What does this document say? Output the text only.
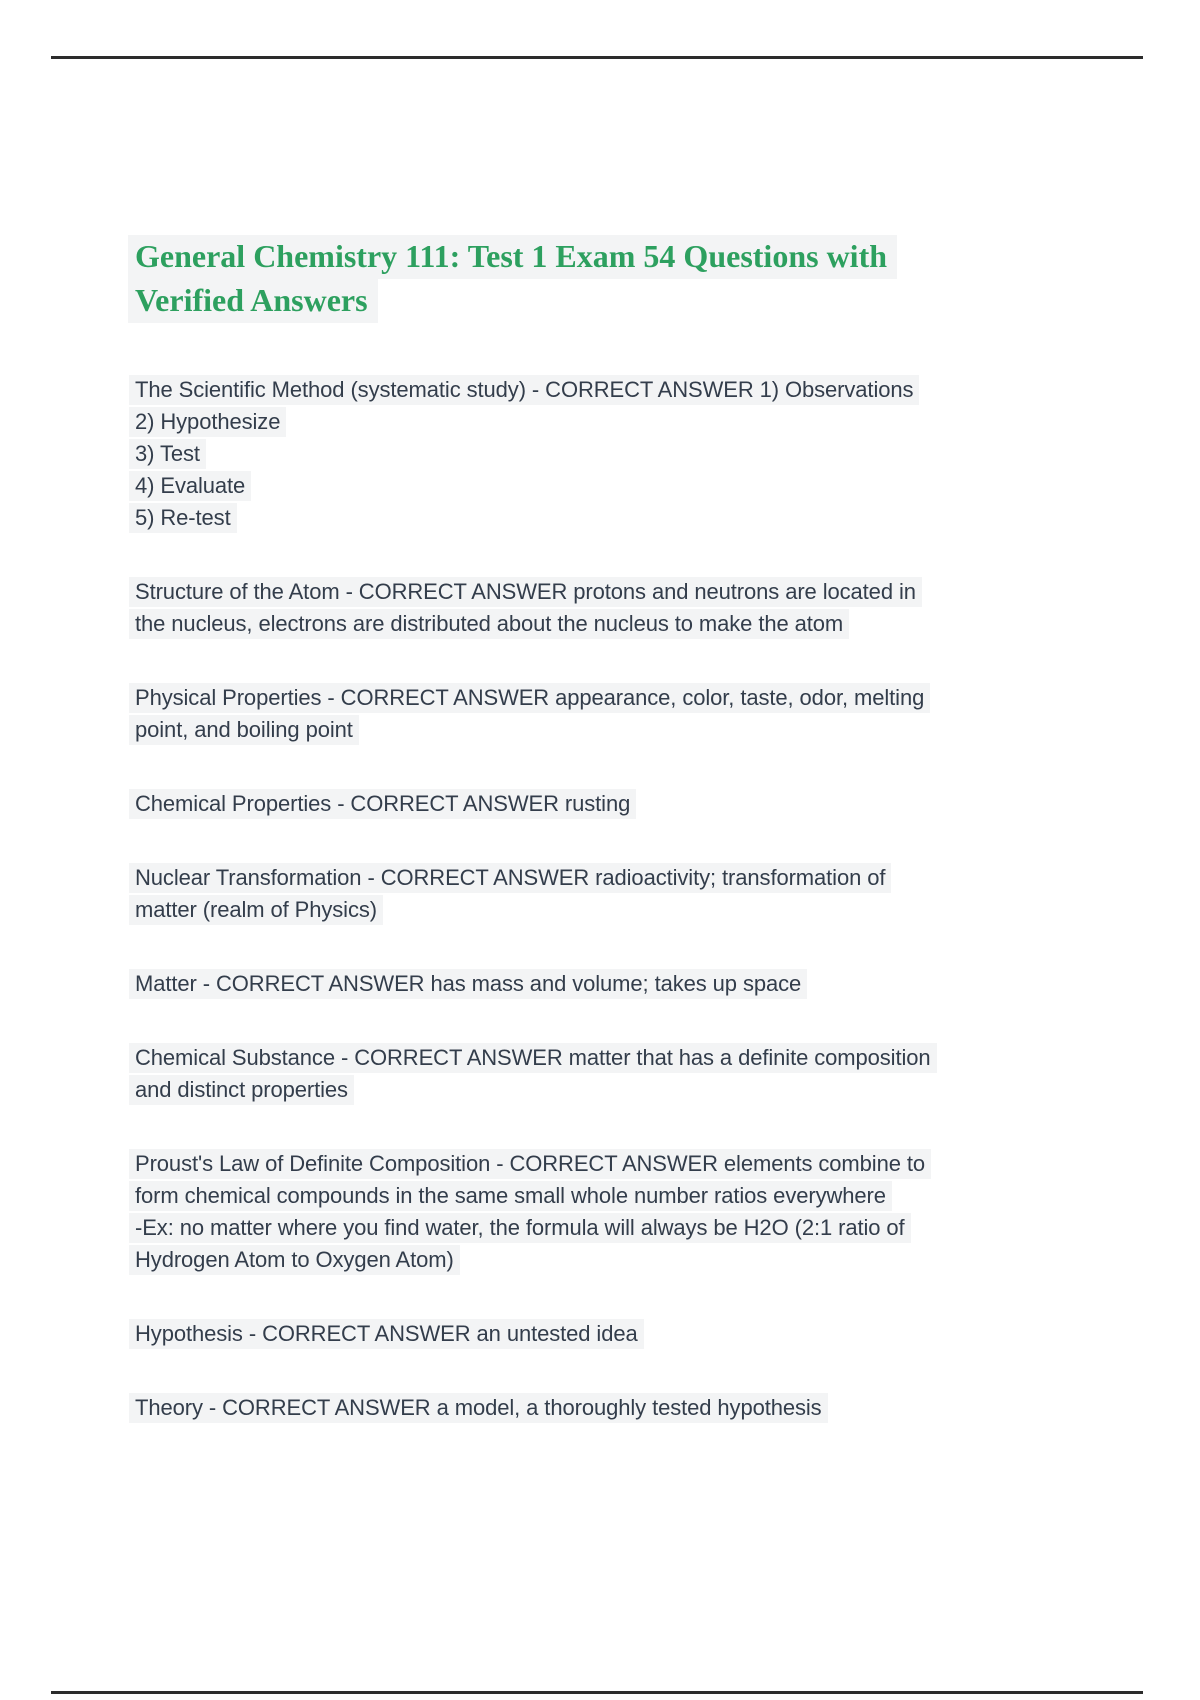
General Chemistry 111: Test 1 Exam 54 Questions with
Verified Answers
The Scientific Method (systematic study) - CORRECT ANSWER 1) Observations
2) Hypothesize
3) Test
4) Evaluate
5) Re-test
Structure of the Atom - CORRECT ANSWER protons and neutrons are located in
the nucleus, electrons are distributed about the nucleus to make the atom
Physical Properties - CORRECT ANSWER appearance, color, taste, odor, melting
point, and boiling point
Chemical Properties - CORRECT ANSWER rusting
Nuclear Transformation - CORRECT ANSWER radioactivity; transformation of
matter (realm of Physics)
Matter - CORRECT ANSWER has mass and volume; takes up space
Chemical Substance - CORRECT ANSWER matter that has a definite composition
and distinct properties
Proust's Law of Definite Composition - CORRECT ANSWER elements combine to
form chemical compounds in the same small whole number ratios everywhere
-Ex: no matter where you find water, the formula will always be H2O (2:1 ratio of
Hydrogen Atom to Oxygen Atom)
Hypothesis - CORRECT ANSWER an untested idea
Theory - CORRECT ANSWER a model, a thoroughly tested hypothesis
